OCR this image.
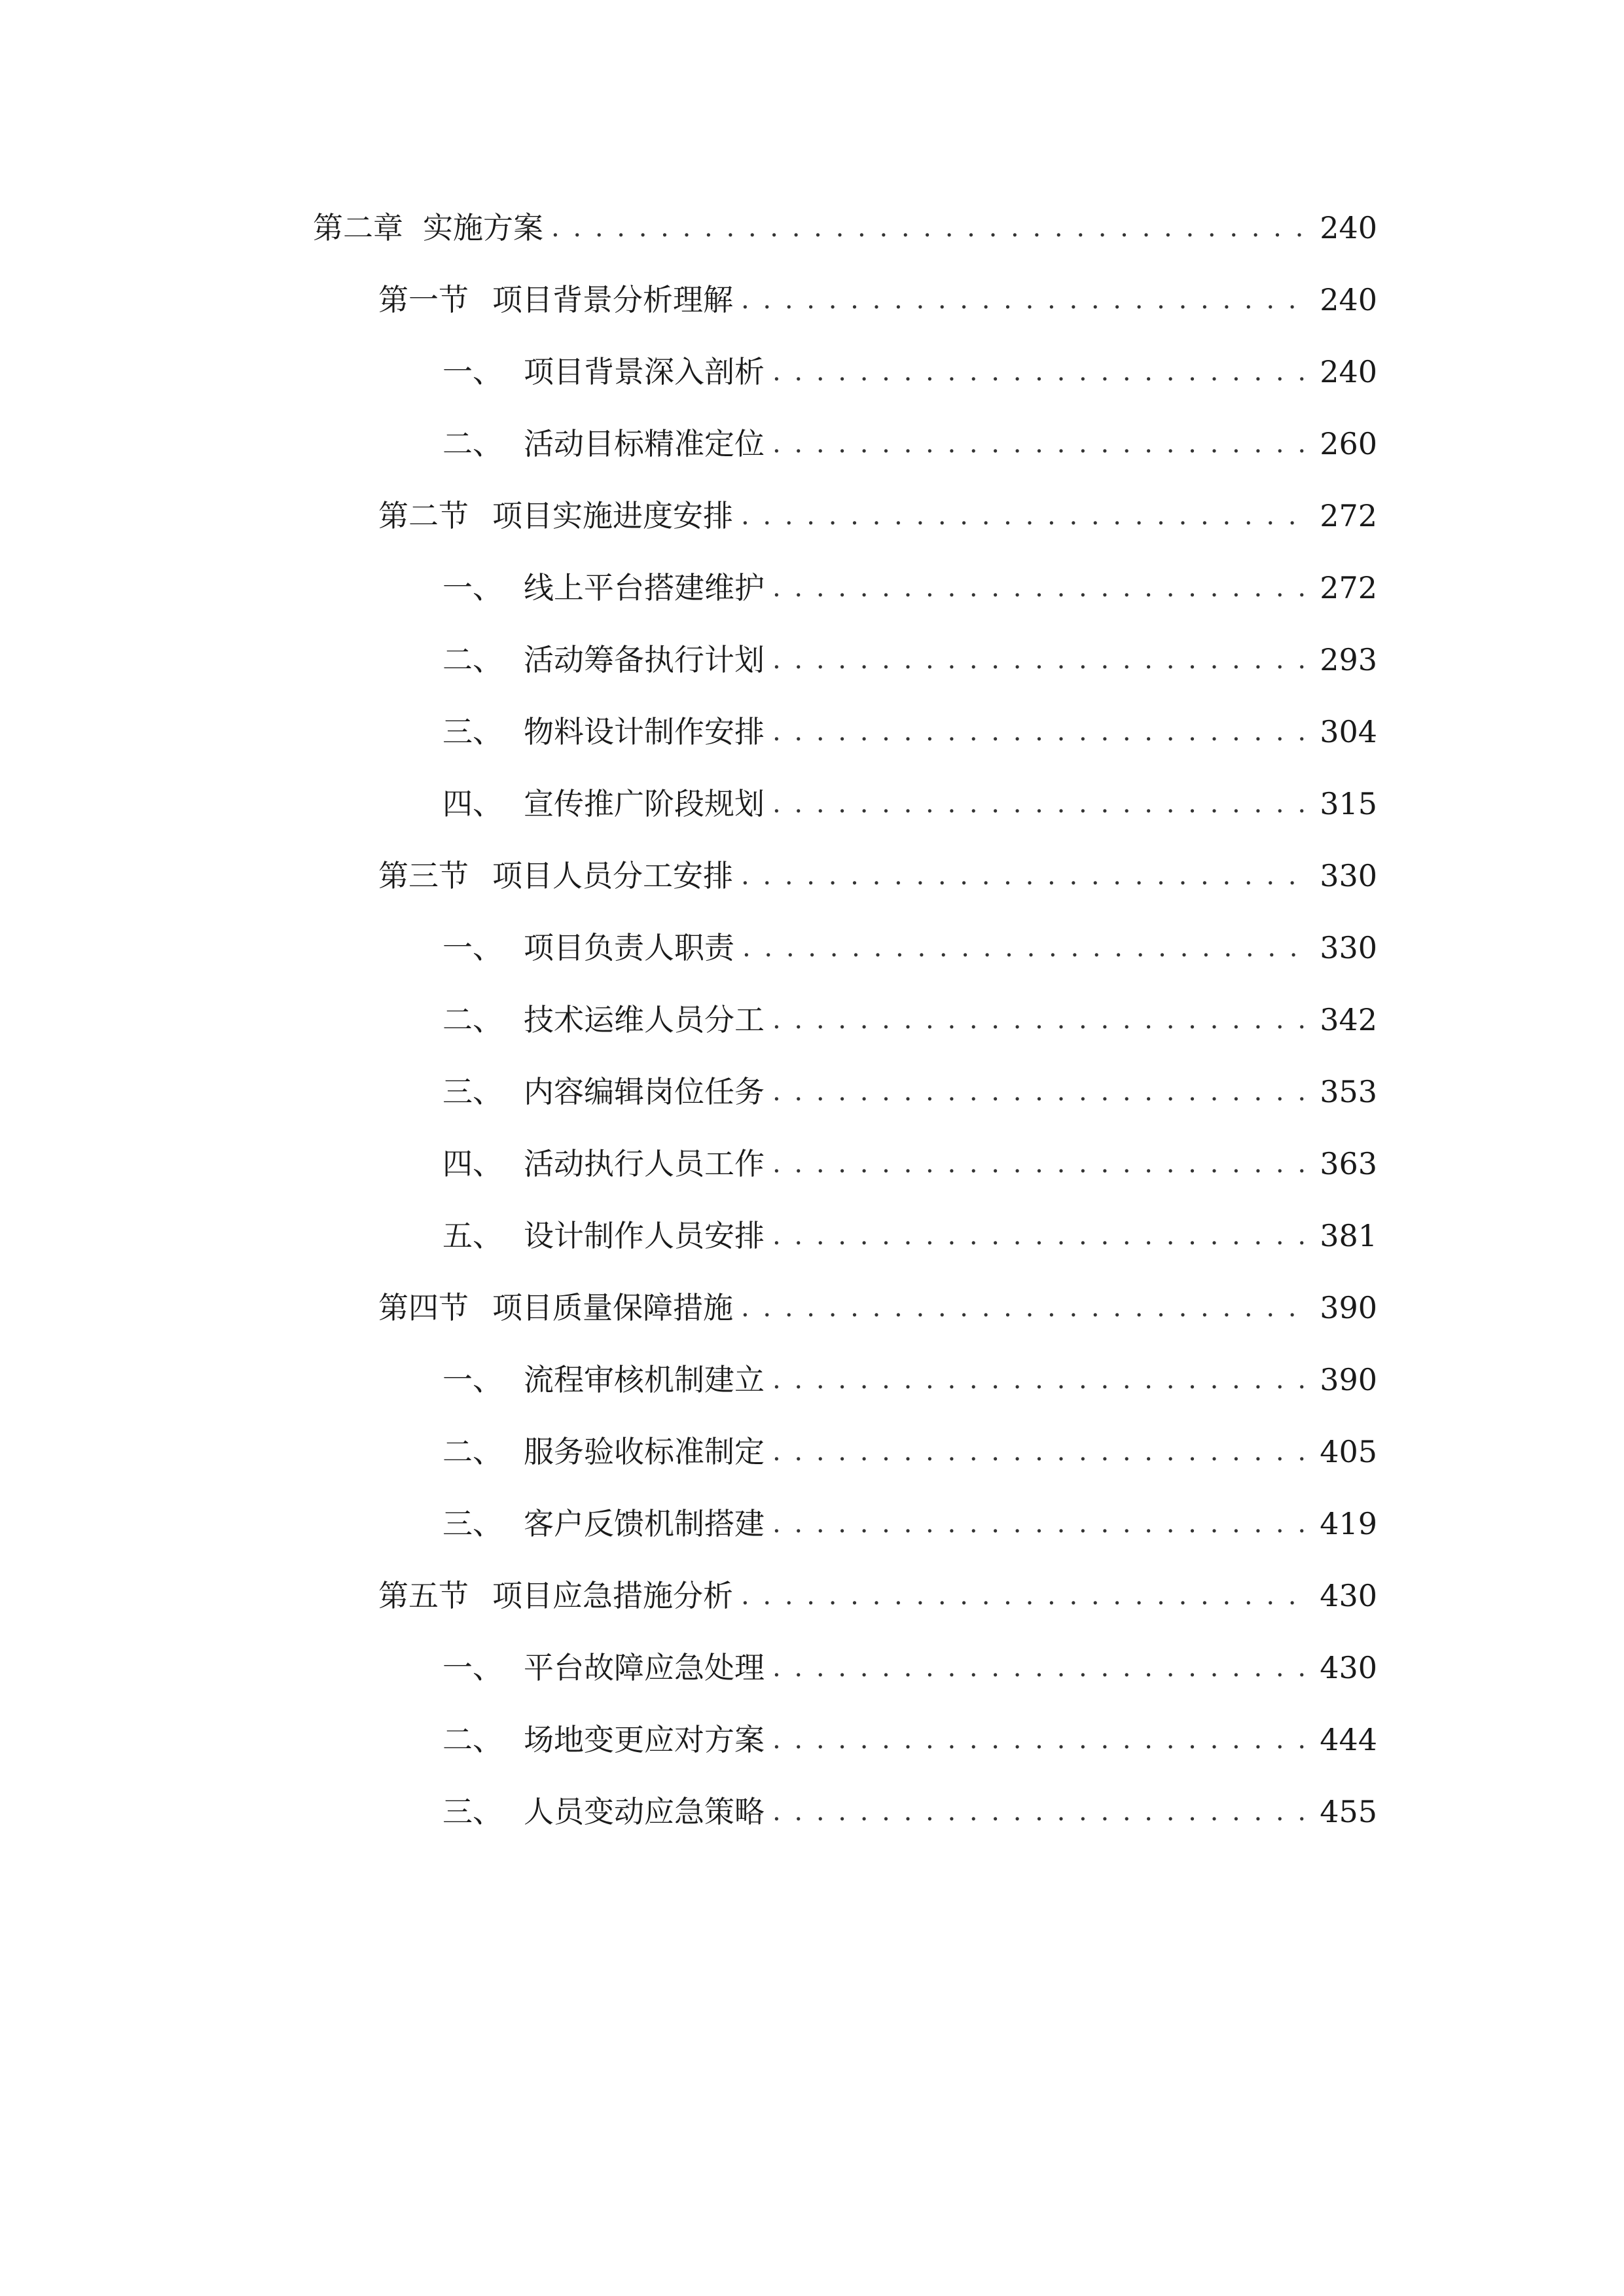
第二章 实施方案 . . .	240
第一节 项目背景分析理解 . . .	240
一、 项目背景深入剖析 . . .	240
二、 活动目标精准定位 . . .	260
第二节 项目实施进度安排 . . .	272
一、 线上平台搭建维护 . . .	272
二、 活动筹备执行计划 . . .	293
三、 物料设计制作安排 . . .	304
四、 宣传推广阶段规划 . . .	315
第三节 项目人员分工安排 . . .	330
一、 项目负责人职责 . . .	330
二、 技术运维人员分工 . . .	342
三、 内容编辑岗位任务 . . .	353
四、 活动执行人员工作 . . .	363
五、 设计制作人员安排 . . .	381
第四节 项目质量保障措施 . . .	390
一、 流程审核机制建立 . . .	390
二、 服务验收标准制定 . . .	405
三、 客户反馈机制搭建 . . .	419
第五节 项目应急措施分析 . . .	430
一、 平台故障应急处理 . . .	430
二、 场地变更应对方案 . . .	444
三、 人员变动应急策略 . . .	455
